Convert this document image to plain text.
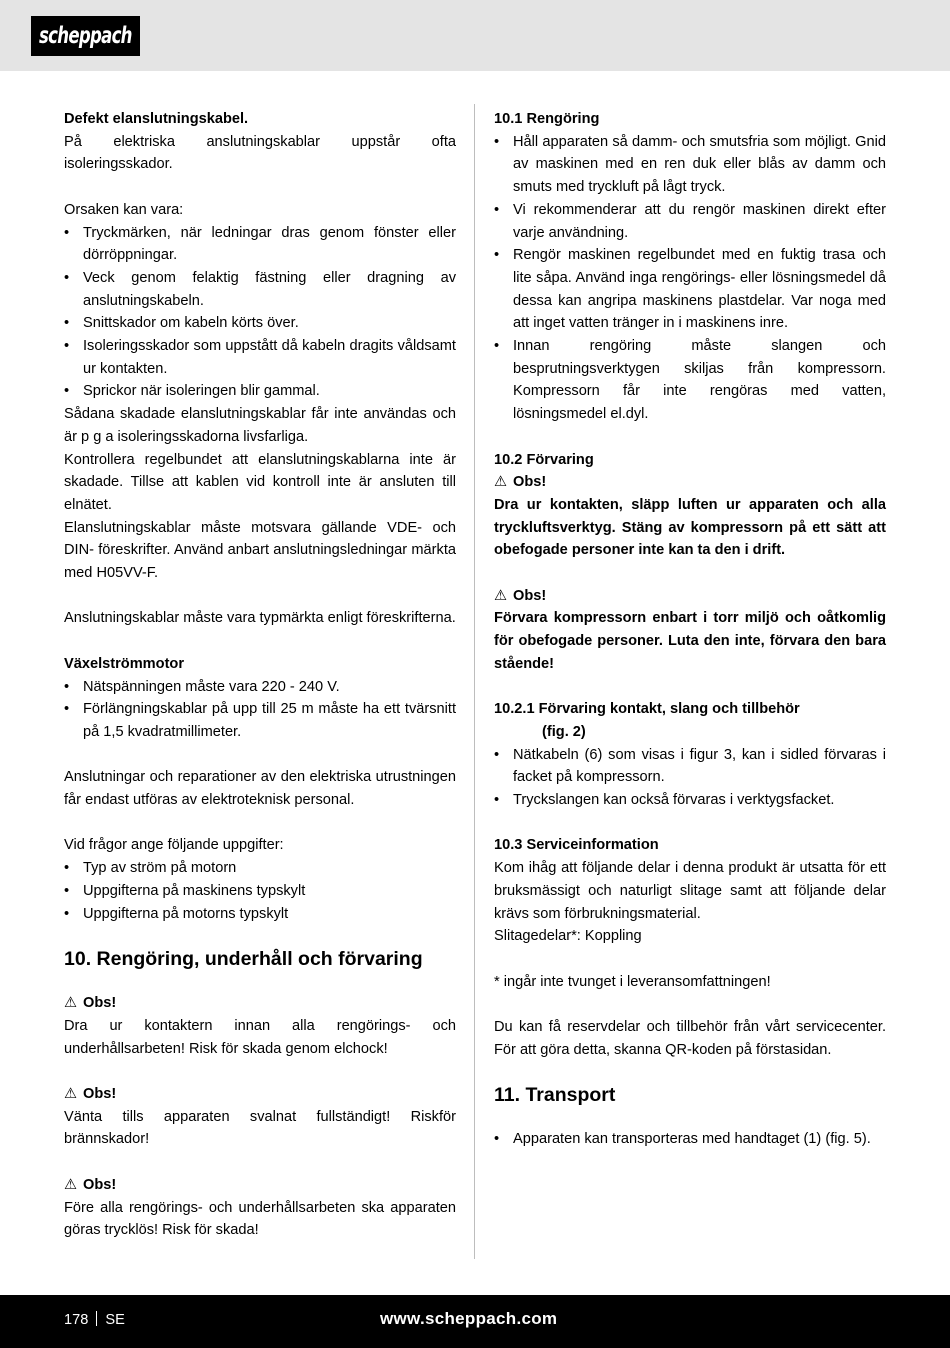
scheppach

Defekt elanslutningskabel.

På elektriska anslutningskablar uppstår ofta isoleringsskador.

Orsaken kan vara:

• Tryckmärken, när ledningar dras genom fönster eller dörröppningar.
• Veck genom felaktig fästning eller dragning av anslutningskabeln.
• Snittskador om kabeln körts över.
• Isoleringsskador som uppstått då kabeln dragits våldsamt ur kontakten.
• Sprickor när isoleringen blir gammal.

Sådana skadade elanslutningskablar får inte användas och är p g a isoleringsskadorna livsfarliga.

Kontrollera regelbundet att elanslutningskablarna inte är skadade. Tillse att kablen vid kontroll inte är ansluten till elnätet.

Elanslutningskablar måste motsvara gällande VDE- och DIN- föreskrifter. Använd anbart anslutningsledningar märkta med H05VV-F.

Anslutningskablar måste vara typmärkta enligt föreskrifterna.

Växelströmmotor

• Nätspänningen måste vara 220 - 240 V.
• Förlängningskablar på upp till 25 m måste ha ett tvärsnitt på 1,5 kvadratmillimeter.

Anslutningar och reparationer av den elektriska utrustningen får endast utföras av elektroteknisk personal.

Vid frågor ange följande uppgifter:

• Typ av ström på motorn
• Uppgifterna på maskinens typskylt
• Uppgifterna på motorns typskylt

10. Rengöring, underhåll och förvaring

⚠ Obs!

Dra ur kontaktern innan alla rengörings- och underhållsarbeten! Risk för skada genom elchock!

⚠ Obs!

Vänta tills apparaten svalnat fullständigt! Riskför brännskador!

⚠ Obs!

Före alla rengörings- och underhållsarbeten ska apparaten göras trycklös! Risk för skada!

10.1 Rengöring

• Håll apparaten så damm- och smutsfria som möjligt. Gnid av maskinen med en ren duk eller blås av damm och smuts med tryckluft på lågt tryck.
• Vi rekommenderar att du rengör maskinen direkt efter varje användning.
• Rengör maskinen regelbundet med en fuktig trasa och lite såpa. Använd inga rengörings- eller lösningsmedel då dessa kan angripa maskinens plastdelar. Var noga med att inget vatten tränger in i maskinens inre.
• Innan rengöring måste slangen och besprutningsverktygen skiljas från kompressorn. Kompressorn får inte rengöras med vatten, lösningsmedel el.dyl.

10.2 Förvaring

⚠ Obs!

Dra ur kontakten, släpp luften ur apparaten och alla tryckluftsverktyg. Stäng av kompressorn på ett sätt att obefogade personer inte kan ta den i drift.

⚠ Obs!

Förvara kompressorn enbart i torr miljö och oåtkomlig för obefogade personer. Luta den inte, förvara den bara stående!

10.2.1 Förvaring kontakt, slang och tillbehör

(fig. 2)

• Nätkabeln (6) som visas i figur 3, kan i sidled förvaras i facket på kompressorn.
• Tryckslangen kan också förvaras i verktygsfacket.

10.3 Serviceinformation

Kom ihåg att följande delar i denna produkt är utsatta för ett bruksmässigt och naturligt slitage samt att följande delar krävs som förbrukningsmaterial.

Slitagedelar*: Koppling

* ingår inte tvunget i leveransomfattningen!

Du kan få reservdelar och tillbehör från vårt servicecenter. För att göra detta, skanna QR-koden på förstasidan.

11. Transport

• Apparaten kan transporteras med handtaget (1) (fig. 5).
178 SE	www.scheppach.com
